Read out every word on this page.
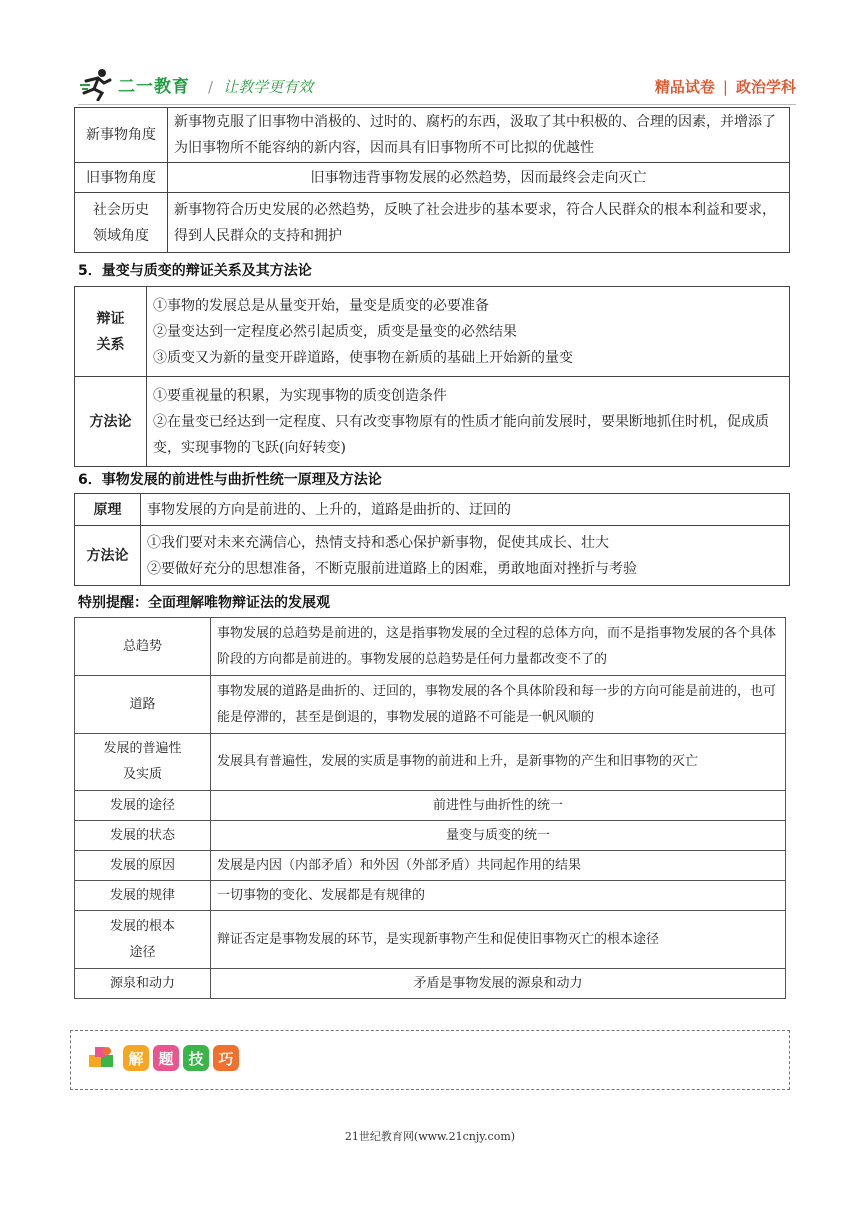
二一教育 / 让教学更有效	精品试卷 | 政治学科
新事物角度	新事物克服了旧事物中消极的、过时的、腐朽的东西，汲取了其中积极的、合理的因素，并增添了为旧事物所不能容纳的新内容，因而具有旧事物所不可比拟的优越性
旧事物角度	旧事物违背事物发展的必然趋势，因而最终会走向灭亡
社会历史领域角度	新事物符合历史发展的必然趋势，反映了社会进步的基本要求，符合人民群众的根本利益和要求，得到人民群众的支持和拥护
5．量变与质变的辩证关系及其方法论
辩证关系	①事物的发展总是从量变开始，量变是质变的必要准备
②量变达到一定程度必然引起质变，质变是量变的必然结果
③质变又为新的量变开辟道路，使事物在新质的基础上开始新的量变

方法论	①要重视量的积累，为实现事物的质变创造条件
②在量变已经达到一定程度、只有改变事物原有的性质才能向前发展时，要果断地抓住时机，促成质变，实现事物的飞跃(向好转变)
6．事物发展的前进性与曲折性统一原理及方法论
原理	事物发展的方向是前进的、上升的，道路是曲折的、迂回的
方法论	①我们要对未来充满信心，热情支持和悉心保护新事物，促使其成长、壮大
②要做好充分的思想准备，不断克服前进道路上的困难，勇敢地面对挫折与考验
特别提醒：全面理解唯物辩证法的发展观
总趋势	事物发展的总趋势是前进的，这是指事物发展的全过程的总体方向，而不是指事物发展的各个具体阶段的方向都是前进的。事物发展的总趋势是任何力量都改变不了的
道路	事物发展的道路是曲折的、迂回的，事物发展的各个具体阶段和每一步的方向可能是前进的，也可能是停滞的，甚至是倒退的，事物发展的道路不可能是一帆风顺的
发展的普遍性及实质	发展具有普遍性，发展的实质是事物的前进和上升，是新事物的产生和旧事物的灭亡
发展的途径	前进性与曲折性的统一
发展的状态	量变与质变的统一
发展的原因	发展是内因（内部矛盾）和外因（外部矛盾）共同起作用的结果
发展的规律	一切事物的变化、发展都是有规律的
发展的根本途径	辩证否定是事物发展的环节，是实现新事物产生和促使旧事物灭亡的根本途径
源泉和动力	矛盾是事物发展的源泉和动力
解 题 技 巧
21世纪教育网(www.21cnjy.com)
